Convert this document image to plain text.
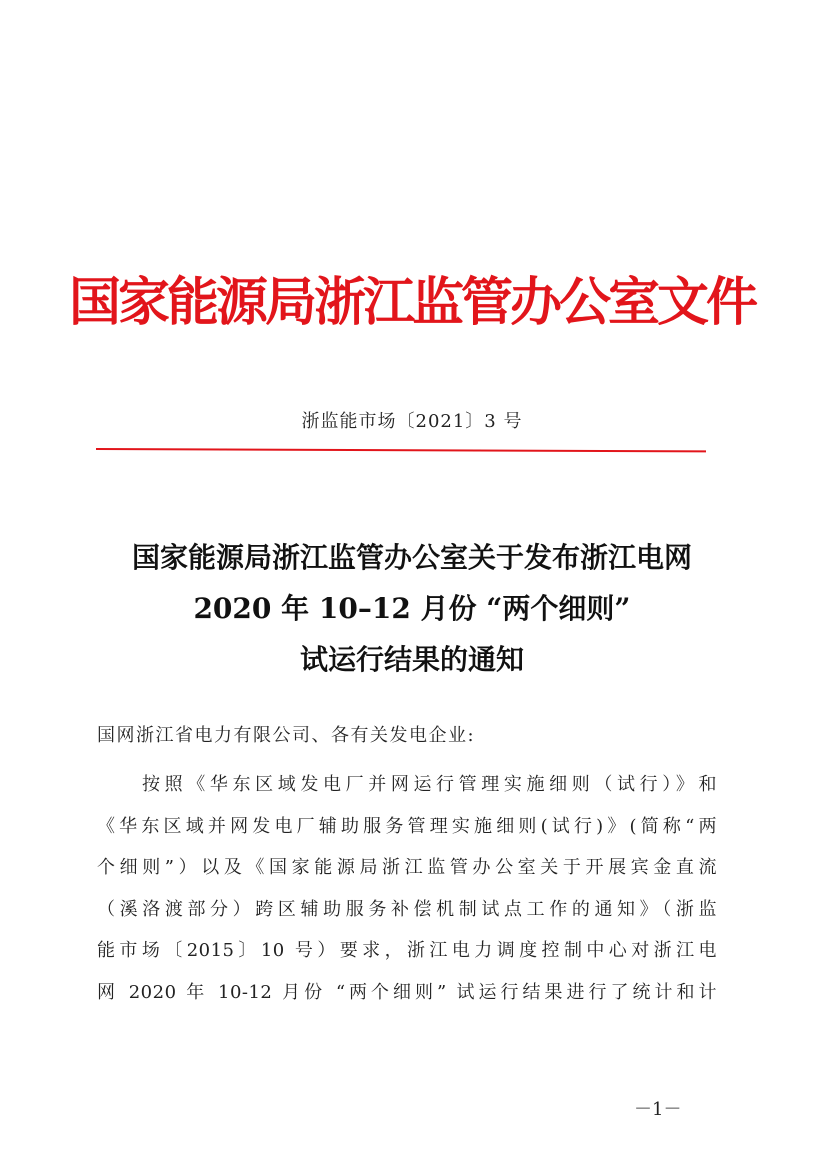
国家能源局浙江监管办公室文件
浙监能市场〔2021〕3 号
国家能源局浙江监管办公室关于发布浙江电网
2020 年 10–12 月份 “两个细则”
试运行结果的通知
国网浙江省电力有限公司、各有关发电企业:
按照《华东区域发电厂并网运行管理实施细则（试行）》和
《华东区域并网发电厂辅助服务管理实施细则(试行)》(简称“两
个细则”）以及《国家能源局浙江监管办公室关于开展宾金直流
（溪洛渡部分）跨区辅助服务补偿机制试点工作的通知》（浙监
能市场〔2015〕10 号）要求，浙江电力调度控制中心对浙江电
网 2020 年 10-12 月份 “两个细则” 试运行结果进行了统计和计
－1－
